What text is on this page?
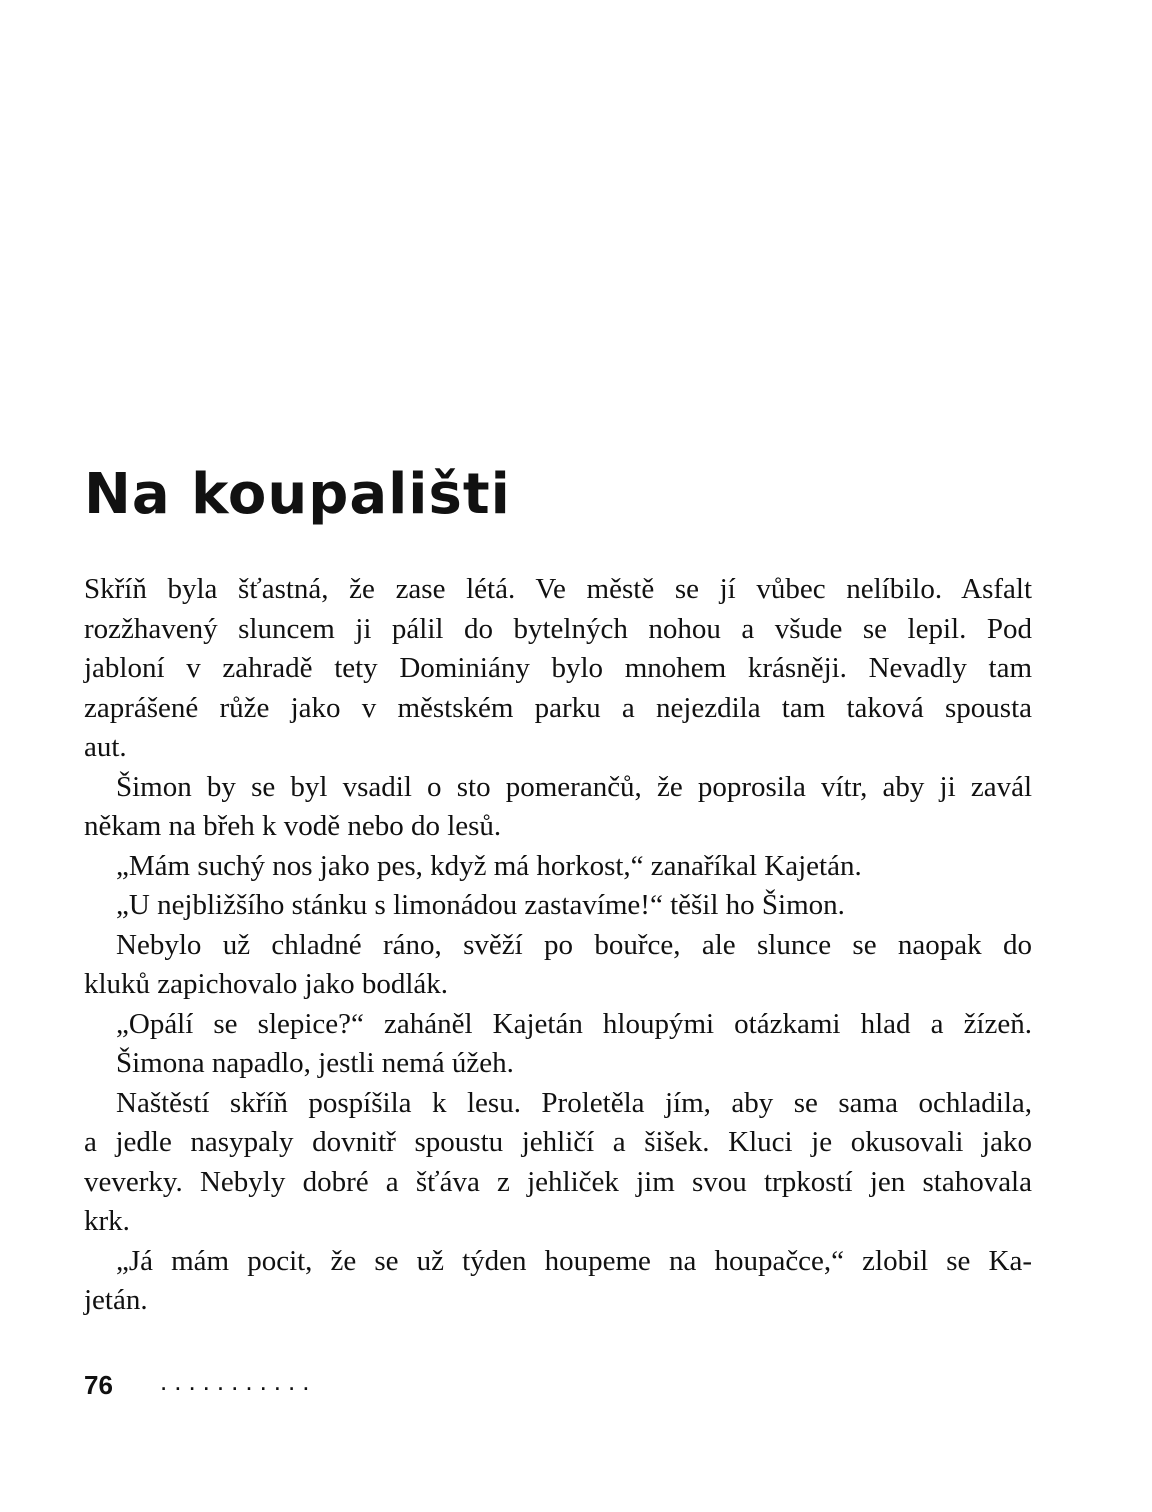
Na koupališti
Skříň byla šťastná, že zase létá. Ve městě se jí vůbec nelíbilo. Asfalt
rozžhavený sluncem ji pálil do bytelných nohou a všude se lepil. Pod
jabloní v zahradě tety Dominiány bylo mnohem krásněji. Nevadly tam
zaprášené růže jako v městském parku a nejezdila tam taková spousta
aut.
Šimon by se byl vsadil o sto pomerančů, že poprosila vítr, aby ji zavál
někam na břeh k vodě nebo do lesů.
„Mám suchý nos jako pes, když má horkost,“ zanaříkal Kajetán.
„U nejbližšího stánku s limonádou zastavíme!“ těšil ho Šimon.
Nebylo už chladné ráno, svěží po bouřce, ale slunce se naopak do
kluků zapichovalo jako bodlák.
„Opálí se slepice?“ zaháněl Kajetán hloupými otázkami hlad a žízeň.
Šimona napadlo, jestli nemá úžeh.
Naštěstí skříň pospíšila k lesu. Proletěla jím, aby se sama ochladila,
a jedle nasypaly dovnitř spoustu jehličí a šišek. Kluci je okusovali jako
veverky. Nebyly dobré a šťáva z jehliček jim svou trpkostí jen stahovala
krk.
„Já mám pocit, že se už týden houpeme na houpačce,“ zlobil se Ka-
jetán.
76 ...........
